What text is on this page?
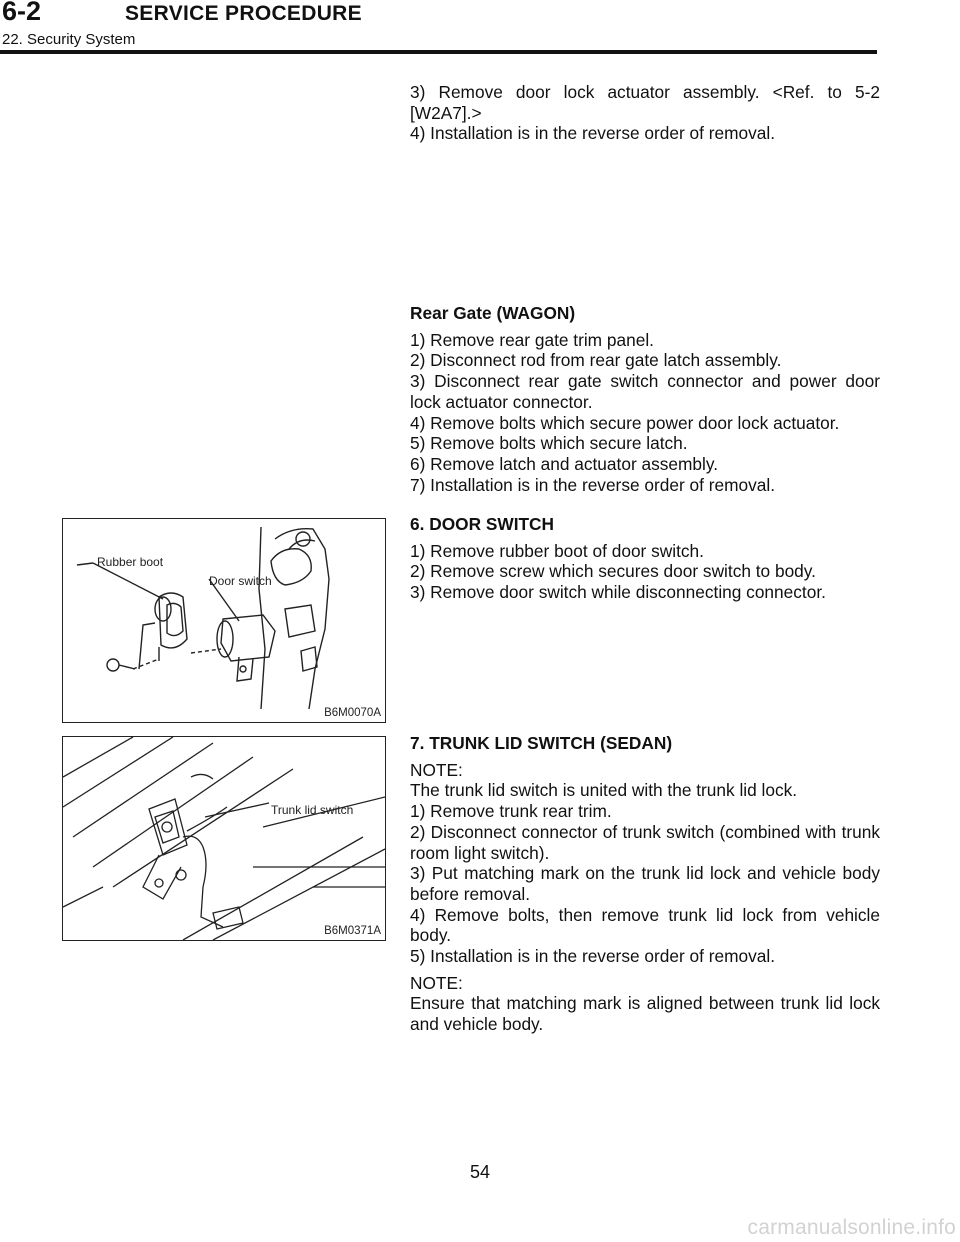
6-2	SERVICE PROCEDURE
22. Security System

3) Remove door lock actuator assembly. <Ref. to 5-2 [W2A7].>

4) Installation is in the reverse order of removal.

Rear Gate (WAGON)

1) Remove rear gate trim panel.

2) Disconnect rod from rear gate latch assembly.

3) Disconnect rear gate switch connector and power door lock actuator connector.

4) Remove bolts which secure power door lock actuator.

5) Remove bolts which secure latch.

6) Remove latch and actuator assembly.

7) Installation is in the reverse order of removal.

Rubber boot
Door switch
B6M0070A

6. DOOR SWITCH

1) Remove rubber boot of door switch.

2) Remove screw which secures door switch to body.

3) Remove door switch while disconnecting connector.

Trunk lid switch
B6M0371A

7. TRUNK LID SWITCH (SEDAN)

NOTE:

The trunk lid switch is united with the trunk lid lock.

1) Remove trunk rear trim.

2) Disconnect connector of trunk switch (combined with trunk room light switch).

3) Put matching mark on the trunk lid lock and vehicle body before removal.

4) Remove bolts, then remove trunk lid lock from vehicle body.

5) Installation is in the reverse order of removal.

NOTE:

Ensure that matching mark is aligned between trunk lid lock and vehicle body.

54
carmanualsonline.info
